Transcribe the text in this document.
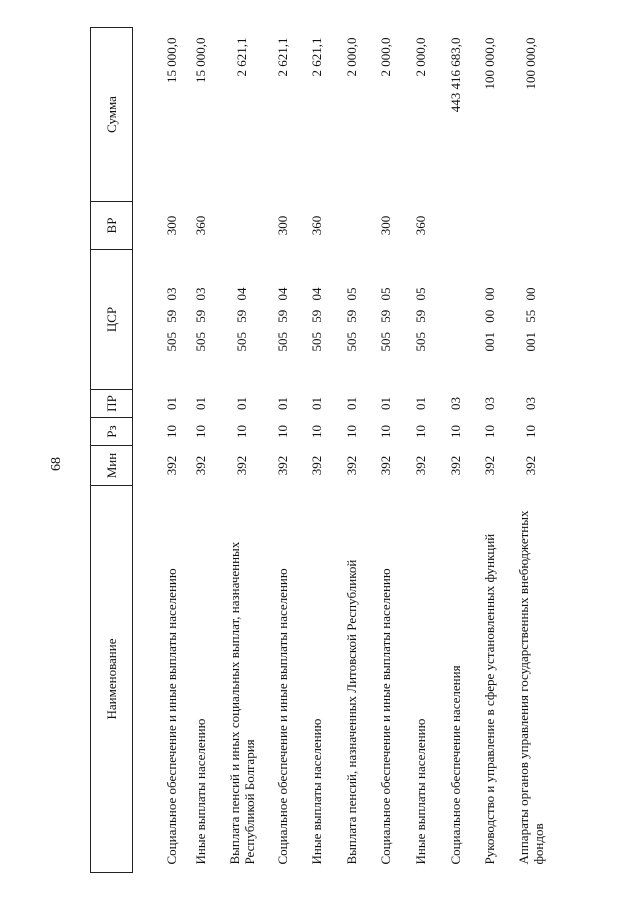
68
Наименование	Мин	Рз	ПР	ЦСР	ВР	Сумма
Социальное обеспечение и иные выплаты населению	392	10	01	505 59 03	300	15 000,0
Иные выплаты населению	392	10	01	505 59 03	360	15 000,0
Выплата пенсий и иных социальных выплат, назначенных Республикой Болгария	392	10	01	505 59 04		2 621,1
Социальное обеспечение и иные выплаты населению	392	10	01	505 59 04	300	2 621,1
Иные выплаты населению	392	10	01	505 59 04	360	2 621,1
Выплата пенсий, назначенных Литовской Республикой	392	10	01	505 59 05		2 000,0
Социальное обеспечение и иные выплаты населению	392	10	01	505 59 05	300	2 000,0
Иные выплаты населению	392	10	01	505 59 05	360	2 000,0
Социальное обеспечение населения	392	10	03			443 416 683,0
Руководство и управление в сфере установленных функций	392	10	03	001 00 00		100 000,0
Аппараты органов управления государственных внебюджетных фондов	392	10	03	001 55 00		100 000,0
